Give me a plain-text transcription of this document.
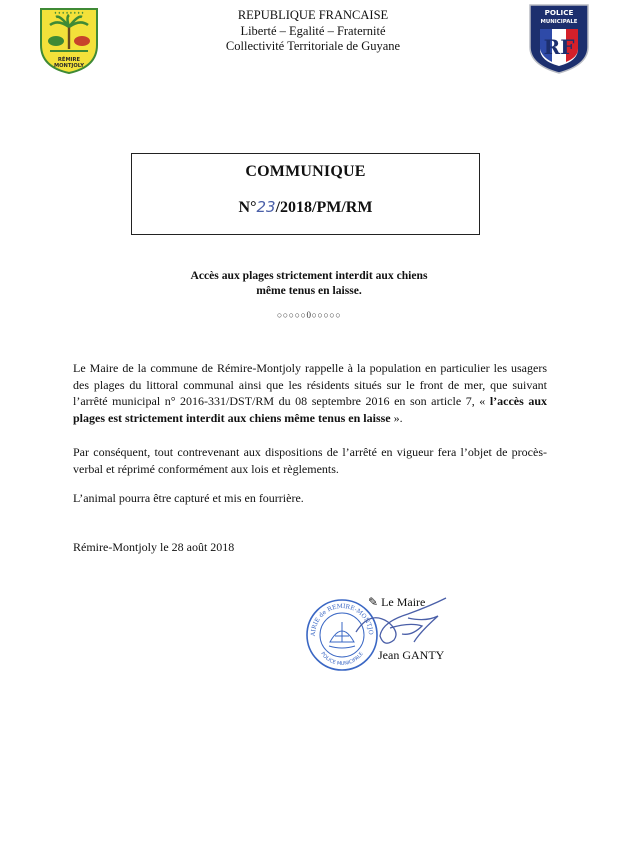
♦ ♦ ♦ ♦ ♦ ♦ ♦ ♦
RÉMIRE
MONTJOLY
REPUBLIQUE FRANCAISE
Liberté – Egalité – Fraternité
Collectivité Territoriale de Guyane
POLICE
MUNICIPALE
RF
COMMUNIQUE
N°23/2018/PM/RM
Accès aux plages strictement interdit aux chiens
même tenus en laisse.
○○○○○0○○○○○
Le Maire de la commune de Rémire-Montjoly rappelle à la population en particulier les usagers des plages du littoral communal ainsi que les résidents situés sur le front de mer, que suivant l’arrêté municipal n° 2016-331/DST/RM du 08 septembre 2016 en son article 7, « l’accès aux plages est strictement interdit aux chiens même tenus en laisse ».
Par conséquent, tout contrevenant aux dispositions de l’arrêté en vigueur fera l’objet de procès-verbal et réprimé conformément aux lois et règlements.
L’animal pourra être capturé et mis en fourrière.
Rémire-Montjoly le 28 août 2018
AIRIE de REMIRE-MONTJO
POLICE MUNICIPALE
✎ Le Maire
Jean GANTY
